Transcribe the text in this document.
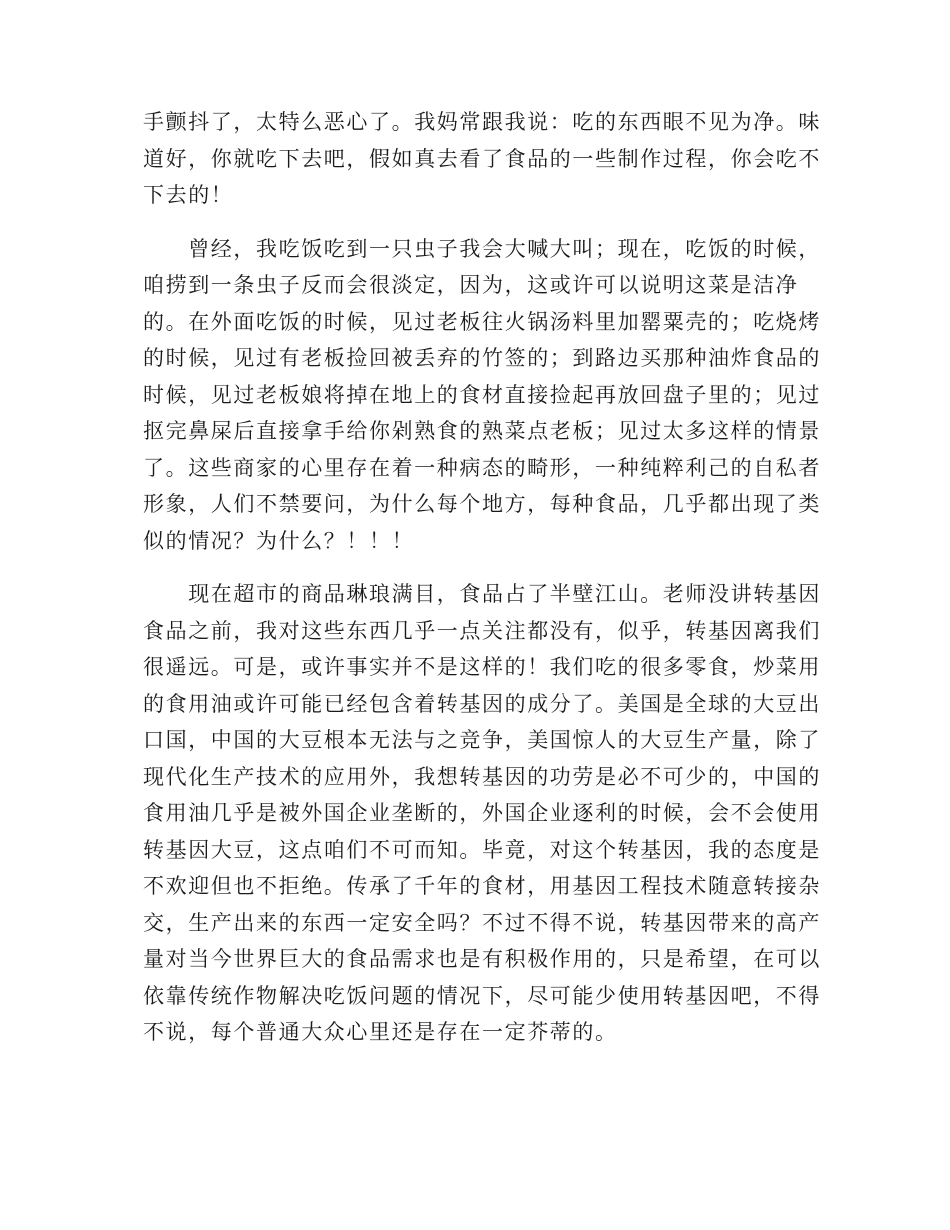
手颤抖了，太特么恶心了。我妈常跟我说：吃的东西眼不见为净。味
道好，你就吃下去吧，假如真去看了食品的一些制作过程，你会吃不
下去的！

　　曾经，我吃饭吃到一只虫子我会大喊大叫；现在，吃饭的时候，
咱捞到一条虫子反而会很淡定，因为，这或许可以说明这菜是洁净
的。在外面吃饭的时候，见过老板往火锅汤料里加罂粟壳的；吃烧烤
的时候，见过有老板捡回被丢弃的竹签的；到路边买那种油炸食品的
时候，见过老板娘将掉在地上的食材直接捡起再放回盘子里的；见过
抠完鼻屎后直接拿手给你剁熟食的熟菜点老板；见过太多这样的情景
了。这些商家的心里存在着一种病态的畸形，一种纯粹利己的自私者
形象，人们不禁要问，为什么每个地方，每种食品，几乎都出现了类
似的情况？为什么？！！！

　　现在超市的商品琳琅满目，食品占了半壁江山。老师没讲转基因
食品之前，我对这些东西几乎一点关注都没有，似乎，转基因离我们
很遥远。可是，或许事实并不是这样的！我们吃的很多零食，炒菜用
的食用油或许可能已经包含着转基因的成分了。美国是全球的大豆出
口国，中国的大豆根本无法与之竞争，美国惊人的大豆生产量，除了
现代化生产技术的应用外，我想转基因的功劳是必不可少的，中国的
食用油几乎是被外国企业垄断的，外国企业逐利的时候，会不会使用
转基因大豆，这点咱们不可而知。毕竟，对这个转基因，我的态度是
不欢迎但也不拒绝。传承了千年的食材，用基因工程技术随意转接杂
交，生产出来的东西一定安全吗？不过不得不说，转基因带来的高产
量对当今世界巨大的食品需求也是有积极作用的，只是希望，在可以
依靠传统作物解决吃饭问题的情况下，尽可能少使用转基因吧，不得
不说，每个普通大众心里还是存在一定芥蒂的。
